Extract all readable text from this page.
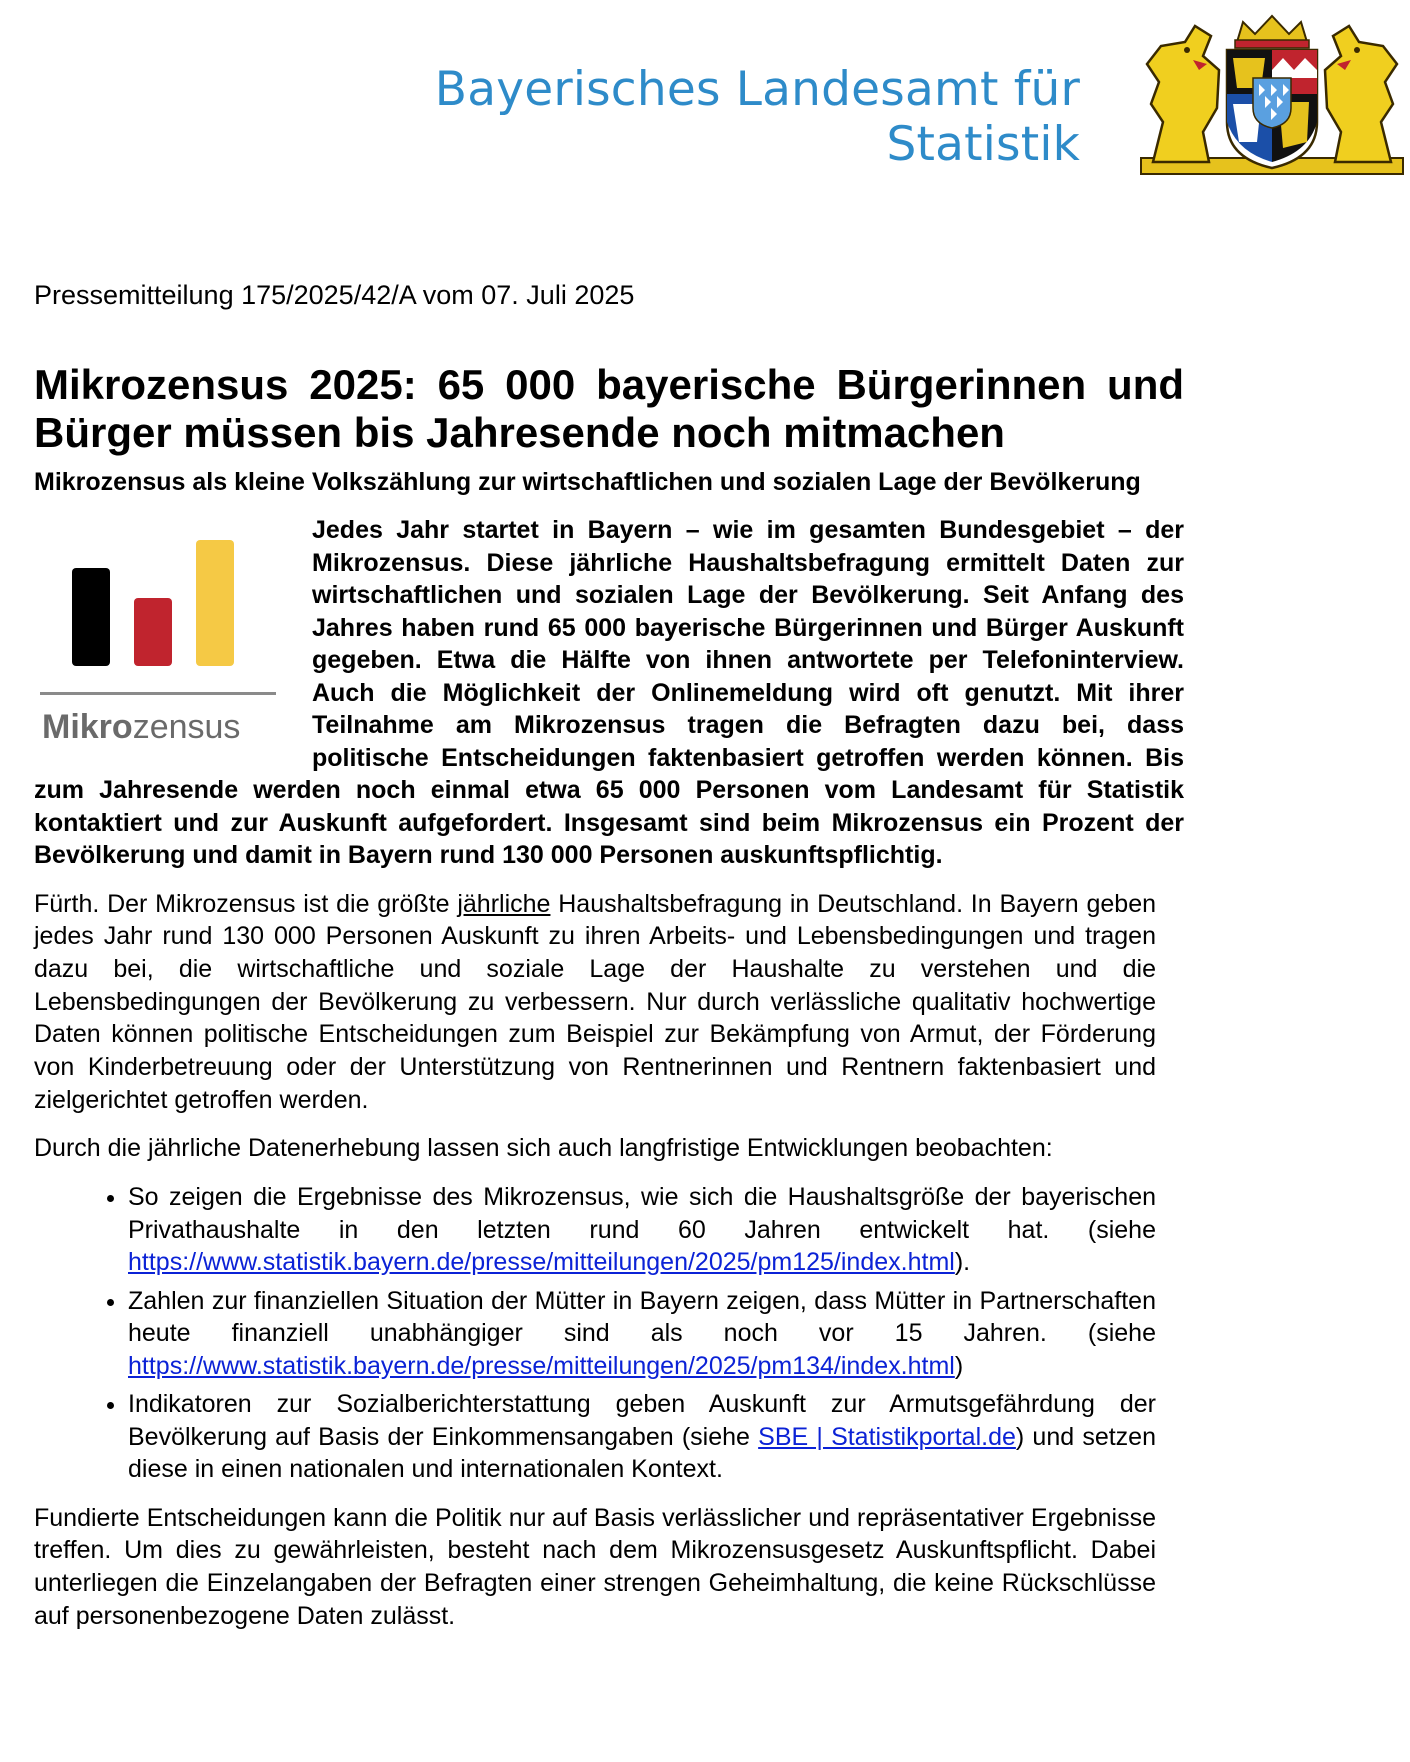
Bayerisches Landesamt für
Statistik

Pressemitteilung 175/2025/42/A vom 07. Juli 2025

Mikrozensus 2025: 65 000 bayerische Bürgerinnen und Bürger müssen bis Jahresende noch mitmachen

Mikrozensus als kleine Volkszählung zur wirtschaftlichen und sozialen Lage der Bevölkerung

Mikrozensus

Jedes Jahr startet in Bayern – wie im gesamten Bundesgebiet – der Mikrozensus. Diese jährliche Haushaltsbefragung ermittelt Daten zur wirtschaftlichen und sozialen Lage der Bevölkerung. Seit Anfang des Jahres haben rund 65 000 bayerische Bürgerinnen und Bürger Auskunft gegeben. Etwa die Hälfte von ihnen antwortete per Telefoninterview. Auch die Möglichkeit der Onlinemeldung wird oft genutzt. Mit ihrer Teilnahme am Mikrozensus tragen die Befragten dazu bei, dass politische Entscheidungen faktenbasiert getroffen werden können. Bis zum Jahresende werden noch einmal etwa 65 000 Personen vom Landesamt für Statistik kontaktiert und zur Auskunft aufgefordert. Insgesamt sind beim Mikrozensus ein Prozent der Bevölkerung und damit in Bayern rund 130 000 Personen auskunftspflichtig.

Fürth. Der Mikrozensus ist die größte jährliche Haushaltsbefragung in Deutschland. In Bayern geben jedes Jahr rund 130 000 Personen Auskunft zu ihren Arbeits- und Lebensbedingungen und tragen dazu bei, die wirtschaftliche und soziale Lage der Haushalte zu verstehen und die Lebensbedingungen der Bevölkerung zu verbessern. Nur durch verlässliche qualitativ hochwertige Daten können politische Entscheidungen zum Beispiel zur Bekämpfung von Armut, der Förderung von Kinderbetreuung oder der Unterstützung von Rentnerinnen und Rentnern faktenbasiert und zielgerichtet getroffen werden.

Durch die jährliche Datenerhebung lassen sich auch langfristige Entwicklungen beobachten:

• So zeigen die Ergebnisse des Mikrozensus, wie sich die Haushaltsgröße der bayerischen Privathaushalte in den letzten rund 60 Jahren entwickelt hat. (siehe https://www.statistik.bayern.de/presse/mitteilungen/2025/pm125/index.html).
• Zahlen zur finanziellen Situation der Mütter in Bayern zeigen, dass Mütter in Partnerschaften heute finanziell unabhängiger sind als noch vor 15 Jahren. (siehe https://www.statistik.bayern.de/presse/mitteilungen/2025/pm134/index.html)
• Indikatoren zur Sozialberichterstattung geben Auskunft zur Armutsgefährdung der Bevölkerung auf Basis der Einkommensangaben (siehe SBE | Statistikportal.de) und setzen diese in einen nationalen und internationalen Kontext.

Fundierte Entscheidungen kann die Politik nur auf Basis verlässlicher und repräsentativer Ergebnisse treffen. Um dies zu gewährleisten, besteht nach dem Mikrozensusgesetz Auskunftspflicht. Dabei unterliegen die Einzelangaben der Befragten einer strengen Geheimhaltung, die keine Rückschlüsse auf personenbezogene Daten zulässt.
